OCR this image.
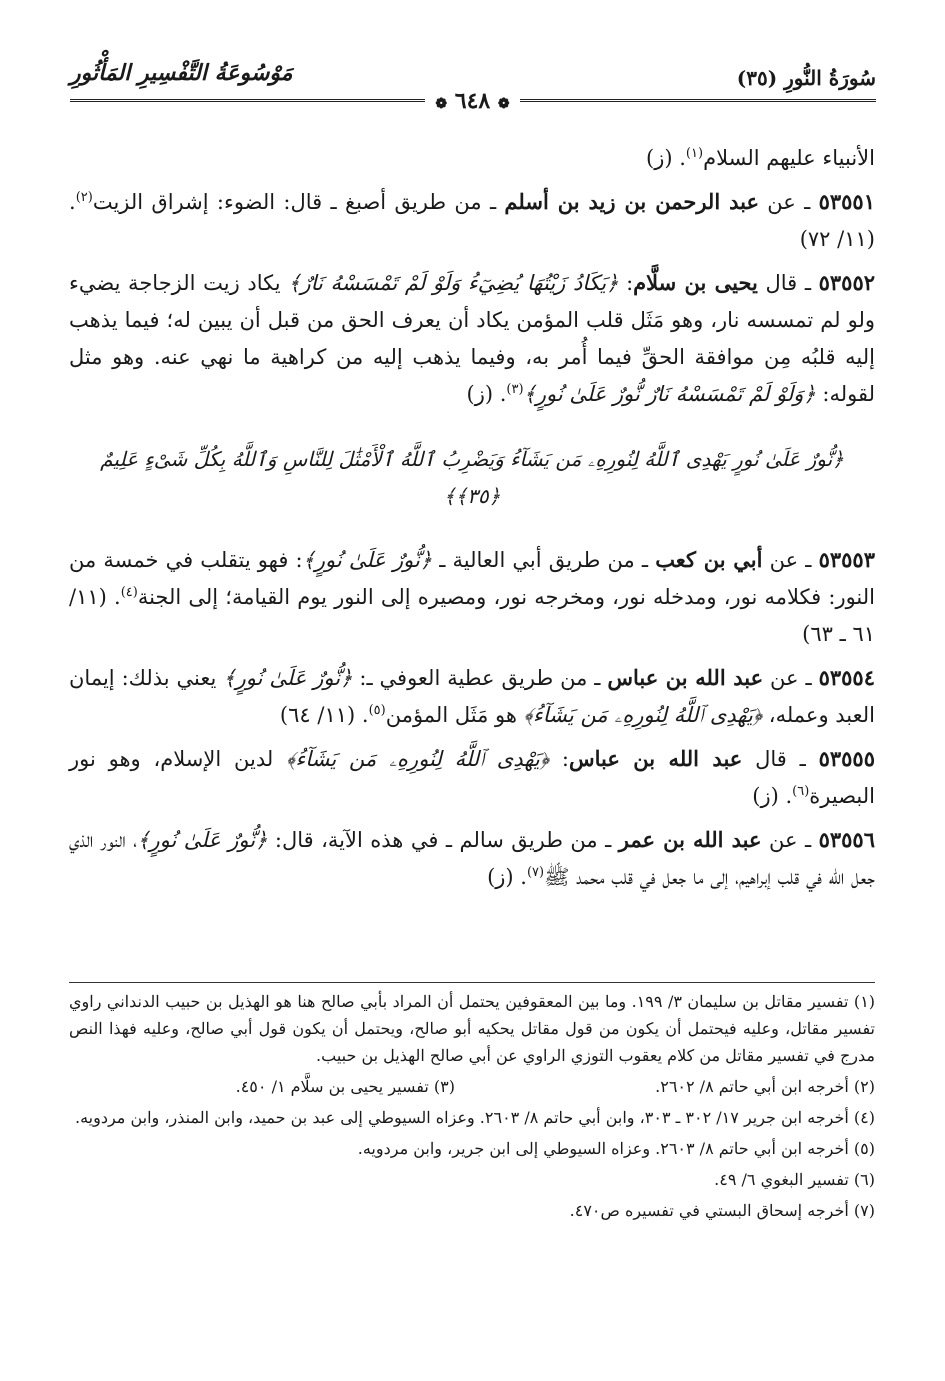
سُورَةُ النُّورِ (٣٥)
مَوْسُوعَةُ التَّفْسِيرِ المَأْثُورِ
❁ ٦٤٨ ❁

الأنبياء عليهم السلام$^{(١)}$. (ز)

٥٣٥٥١ ـ عن عبد الرحمن بن زيد بن أسلم ـ من طريق أصبغ ـ قال: الضوء: إشراق الزيت$^{(٢)}$. (١١/ ٧٢)

٥٣٥٥٢ ـ قال يحيى بن سلَّام: ﴿يَكَادُ زَيْتُهَا يُضِيٓءُ وَلَوْ لَمْ تَمْسَسْهُ نَارٌ﴾ يكاد زيت الزجاجة يضيء ولو لم تمسسه نار، وهو مَثَل قلب المؤمن يكاد أن يعرف الحق من قبل أن يبين له؛ فيما يذهب إليه قلبُه مِن موافقة الحقِّ فيما أُمر به، وفيما يذهب إليه من كراهية ما نهي عنه. وهو مثل لقوله: ﴿وَلَوْ لَمْ تَمْسَسْهُ نَارٌ نُّورٌ عَلَىٰ نُورٍ﴾$^{(٣)}$. (ز)

﴿نُّورٌ عَلَىٰ نُورٍ يَهْدِى ٱللَّهُ لِنُورِهِۦ مَن يَشَآءُ وَيَضْرِبُ ٱللَّهُ ٱلْأَمْثَٰلَ لِلنَّاسِ وَٱللَّهُ بِكُلِّ شَىْءٍ عَلِيمٌ ﴿٣٥﴾﴾

٥٣٥٥٣ ـ عن أبي بن كعب ـ من طريق أبي العالية ـ ﴿نُّورٌ عَلَىٰ نُورٍ﴾: فهو يتقلب في خمسة من النور: فكلامه نور، ومدخله نور، ومخرجه نور، ومصيره إلى النور يوم القيامة؛ إلى الجنة$^{(٤)}$. (١١/ ٦١ ـ ٦٣)

٥٣٥٥٤ ـ عن عبد الله بن عباس ـ من طريق عطية العوفي ـ: ﴿نُّورٌ عَلَىٰ نُورٍ﴾ يعني بذلك: إيمان العبد وعمله، ﴿يَهْدِى ٱللَّهُ لِنُورِهِۦ مَن يَشَآءُ﴾ هو مَثَل المؤمن$^{(٥)}$. (١١/ ٦٤)

٥٣٥٥٥ ـ قال عبد الله بن عباس: ﴿يَهْدِى ٱللَّهُ لِنُورِهِۦ مَن يَشَآءُ﴾ لدين الإسلام، وهو نور البصيرة$^{(٦)}$. (ز)

٥٣٥٥٦ ـ عن عبد الله بن عمر ـ من طريق سالم ـ في هذه الآية، قال: ﴿نُّورٌ عَلَىٰ نُورٍ﴾، النور الذي جعل الله في قلب إبراهيم، إلى ما جعل في قلب محمد ﷺ$^{(٧)}$. (ز)

(١) تفسير مقاتل بن سليمان ٣/ ١٩٩. وما بين المعقوفين يحتمل أن المراد بأبي صالح هنا هو الهذيل بن حبيب الدنداني راوي تفسير مقاتل، وعليه فيحتمل أن يكون من قول مقاتل يحكيه أبو صالح، ويحتمل أن يكون قول أبي صالح، وعليه فهذا النص مدرج في تفسير مقاتل من كلام يعقوب التوزي الراوي عن أبي صالح الهذيل بن حبيب.

(٢) أخرجه ابن أبي حاتم ٨/ ٢٦٠٢.
(٣) تفسير يحيى بن سلَّام ١/ ٤٥٠.

(٤) أخرجه ابن جرير ١٧/ ٣٠٢ ـ ٣٠٣، وابن أبي حاتم ٨/ ٢٦٠٣. وعزاه السيوطي إلى عبد بن حميد، وابن المنذر، وابن مردويه.

(٥) أخرجه ابن أبي حاتم ٨/ ٢٦٠٣. وعزاه السيوطي إلى ابن جرير، وابن مردويه.

(٦) تفسير البغوي ٦/ ٤٩.

(٧) أخرجه إسحاق البستي في تفسيره ص٤٧٠.
